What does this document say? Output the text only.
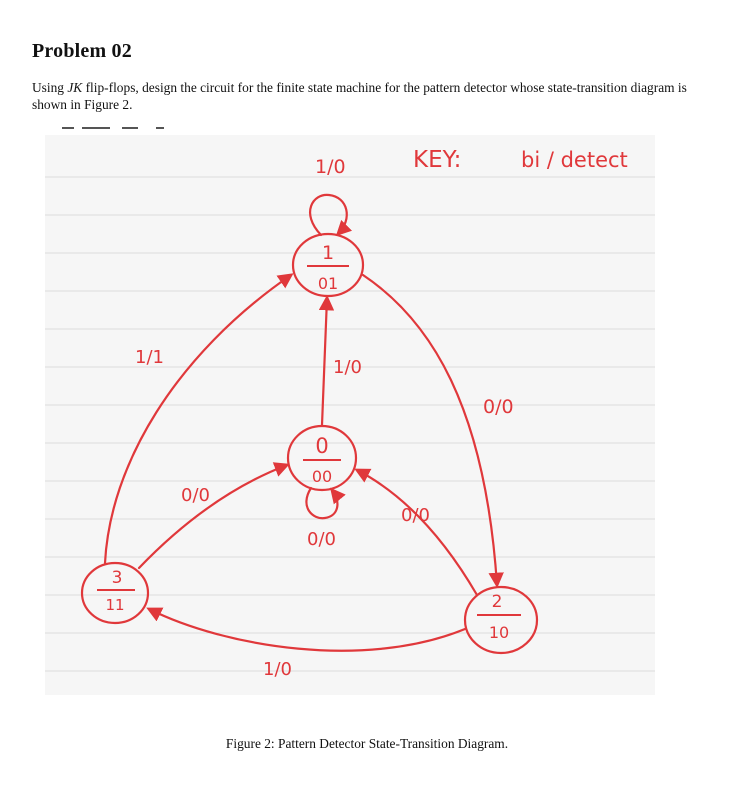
Problem 02
Using JK flip-flops, design the circuit for the finite state machine for the pattern detector whose state-transition diagram is shown in Figure 2.
KEY:	bi / detect
1
01
1/0
0
00
0/0
2
10
3
11
1/0
0/0
0/0
0/0
1/1
1/0
Figure 2: Pattern Detector State-Transition Diagram.
